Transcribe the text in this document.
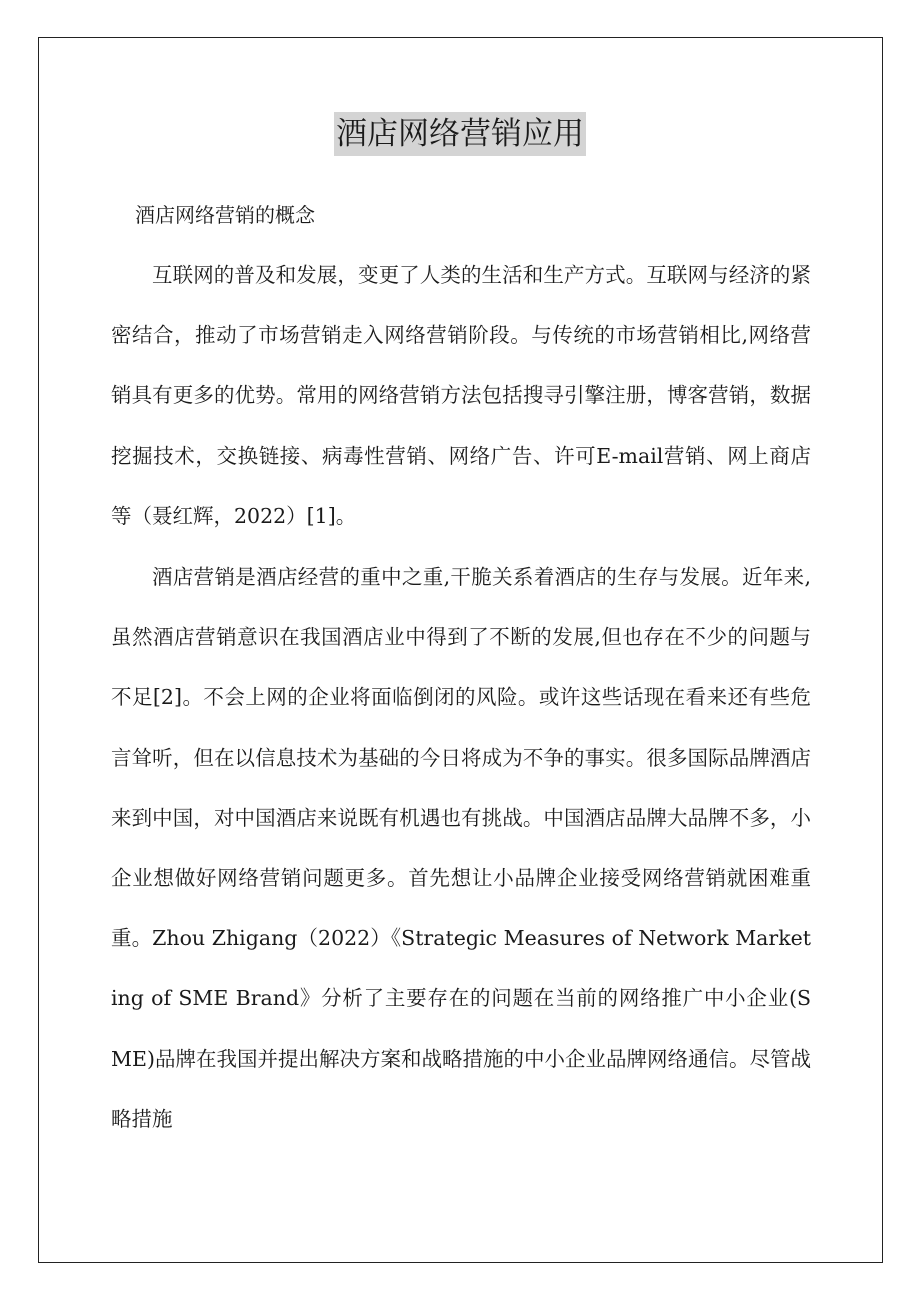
酒店网络营销应用

酒店网络营销的概念

互联网的普及和发展，变更了人类的生活和生产方式。互联网与经济的紧密结合，推动了市场营销走入网络营销阶段。与传统的市场营销相比,网络营销具有更多的优势。常用的网络营销方法包括搜寻引擎注册，博客营销，数据挖掘技术，交换链接、病毒性营销、网络广告、许可E-mail营销、网上商店等（聂红辉，2022）[1]。

酒店营销是酒店经营的重中之重,干脆关系着酒店的生存与发展。近年来,虽然酒店营销意识在我国酒店业中得到了不断的发展,但也存在不少的问题与不足[2]。不会上网的企业将面临倒闭的风险。或许这些话现在看来还有些危言耸听，但在以信息技术为基础的今日将成为不争的事实。很多国际品牌酒店来到中国，对中国酒店来说既有机遇也有挑战。中国酒店品牌大品牌不多，小企业想做好网络营销问题更多。首先想让小品牌企业接受网络营销就困难重重。Zhou Zhigang（2022）《Strategic Measures of Network Marketing of SME Brand》分析了主要存在的问题在当前的网络推广中小企业(SME)品牌在我国并提出解决方案和战略措施的中小企业品牌网络通信。尽管战略措施
